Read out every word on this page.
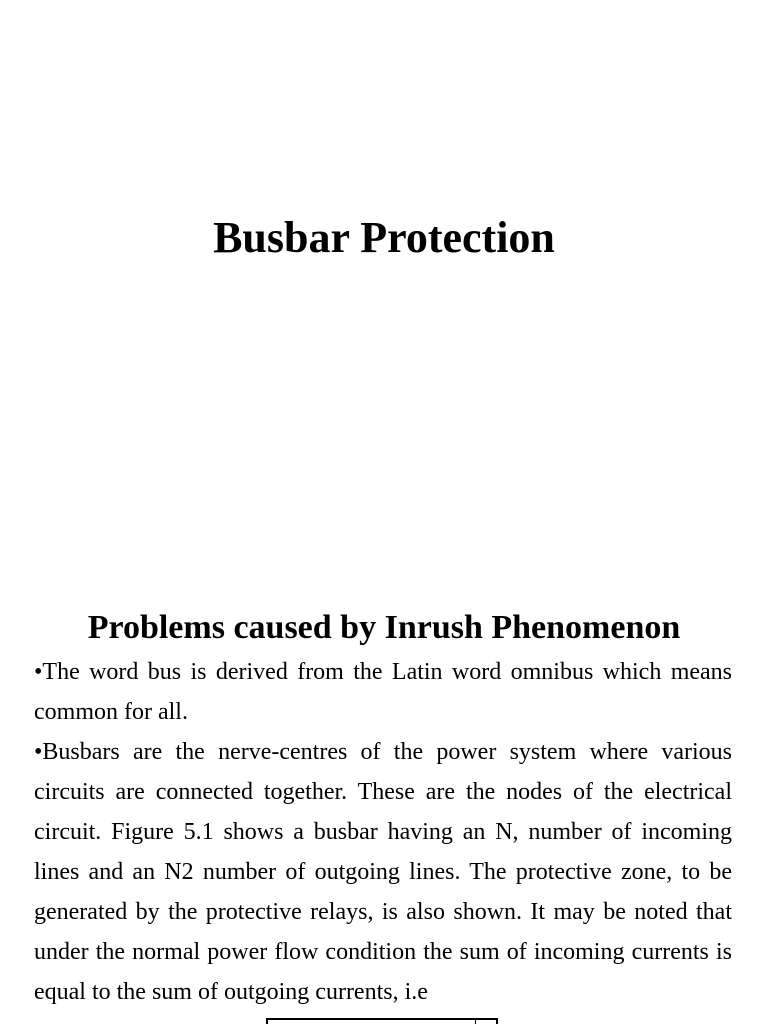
Busbar Protection
Problems caused by Inrush Phenomenon

•The word bus is derived from the Latin word omnibus which means common for all.

•Busbars are the nerve-centres of the power system where various circuits are connected together. These are the nodes of the electrical circuit. Figure 5.1 shows a busbar having an N, number of incoming lines and an N2 number of outgoing lines. The protective zone, to be generated by the protective relays, is also shown. It may be noted that under the normal power flow condition the sum of incoming currents is equal to the sum of outgoing currents, i.e
